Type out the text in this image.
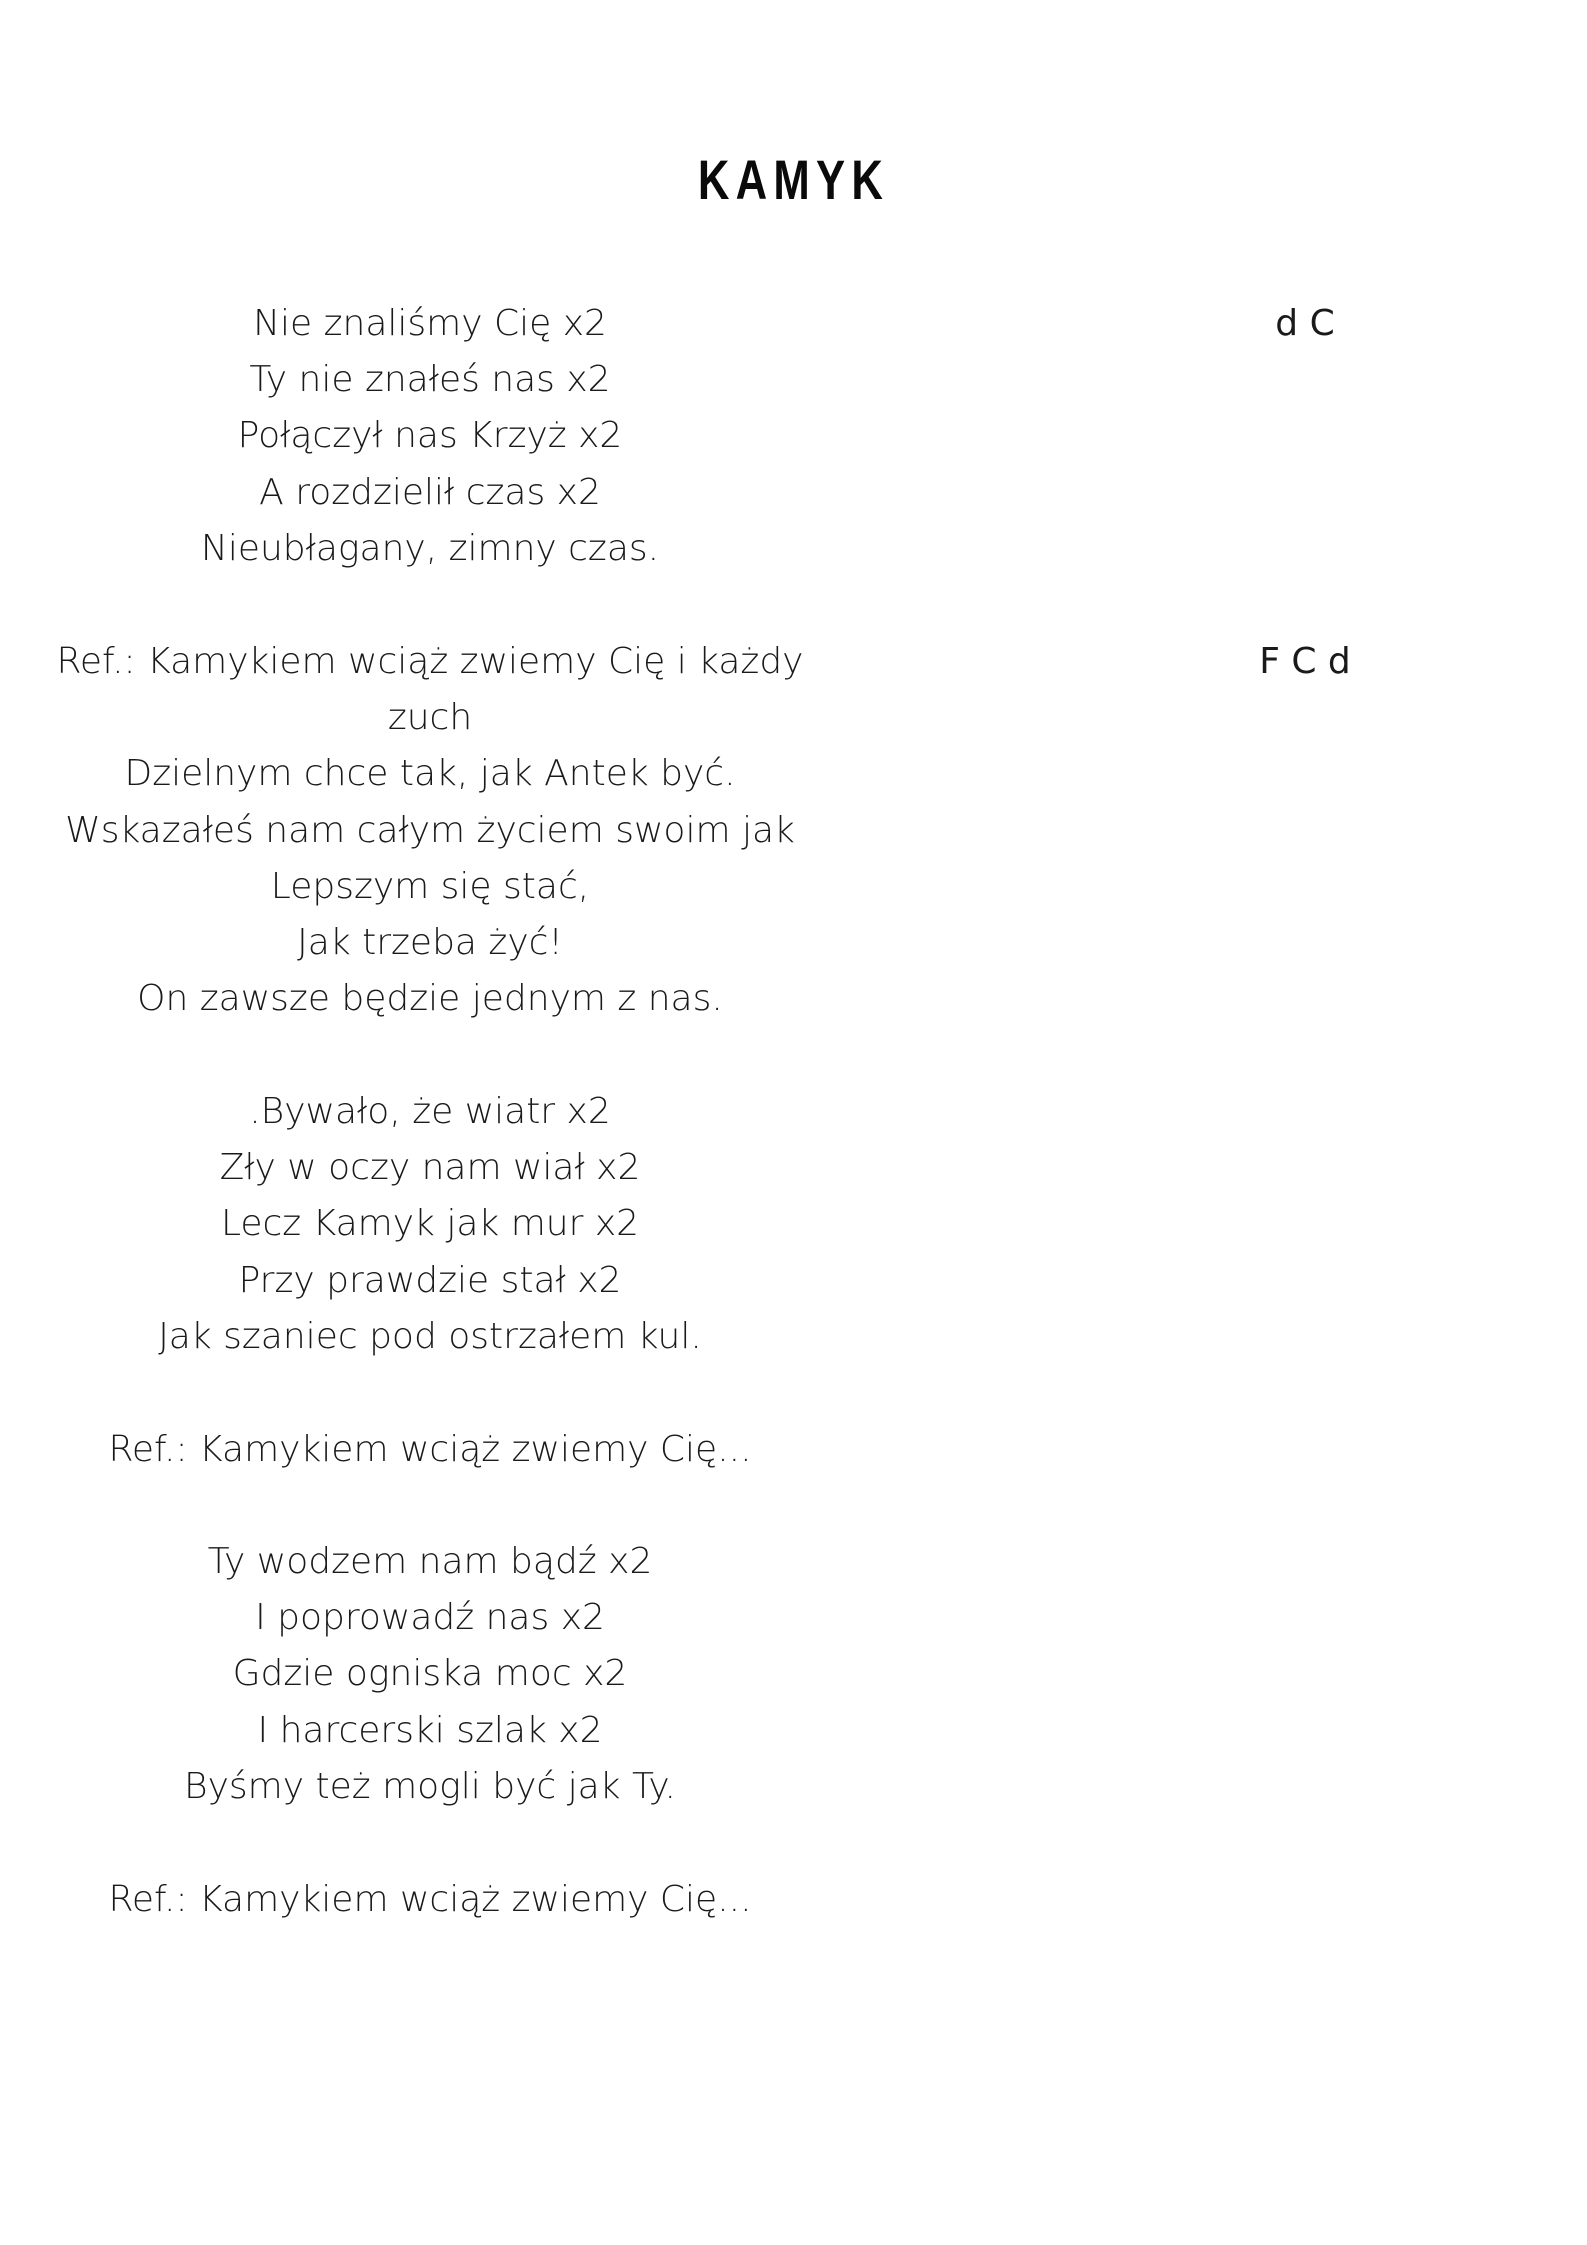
KAMYK
Nie znaliśmy Cię x2
Ty nie znałeś nas x2
Połączył nas Krzyż x2
A rozdzielił czas x2
Nieubłagany, zimny czas.
d C
Ref.: Kamykiem wciąż zwiemy Cię i każdy
zuch
Dzielnym chce tak, jak Antek być.
Wskazałeś nam całym życiem swoim jak
Lepszym się stać,
Jak trzeba żyć!
On zawsze będzie jednym z nas.
F C d
.Bywało, że wiatr x2
Zły w oczy nam wiał x2
Lecz Kamyk jak mur x2
Przy prawdzie stał x2
Jak szaniec pod ostrzałem kul.
Ref.: Kamykiem wciąż zwiemy Cię...
Ty wodzem nam bądź x2
I poprowadź nas x2
Gdzie ogniska moc x2
I harcerski szlak x2
Byśmy też mogli być jak Ty.
Ref.: Kamykiem wciąż zwiemy Cię...
